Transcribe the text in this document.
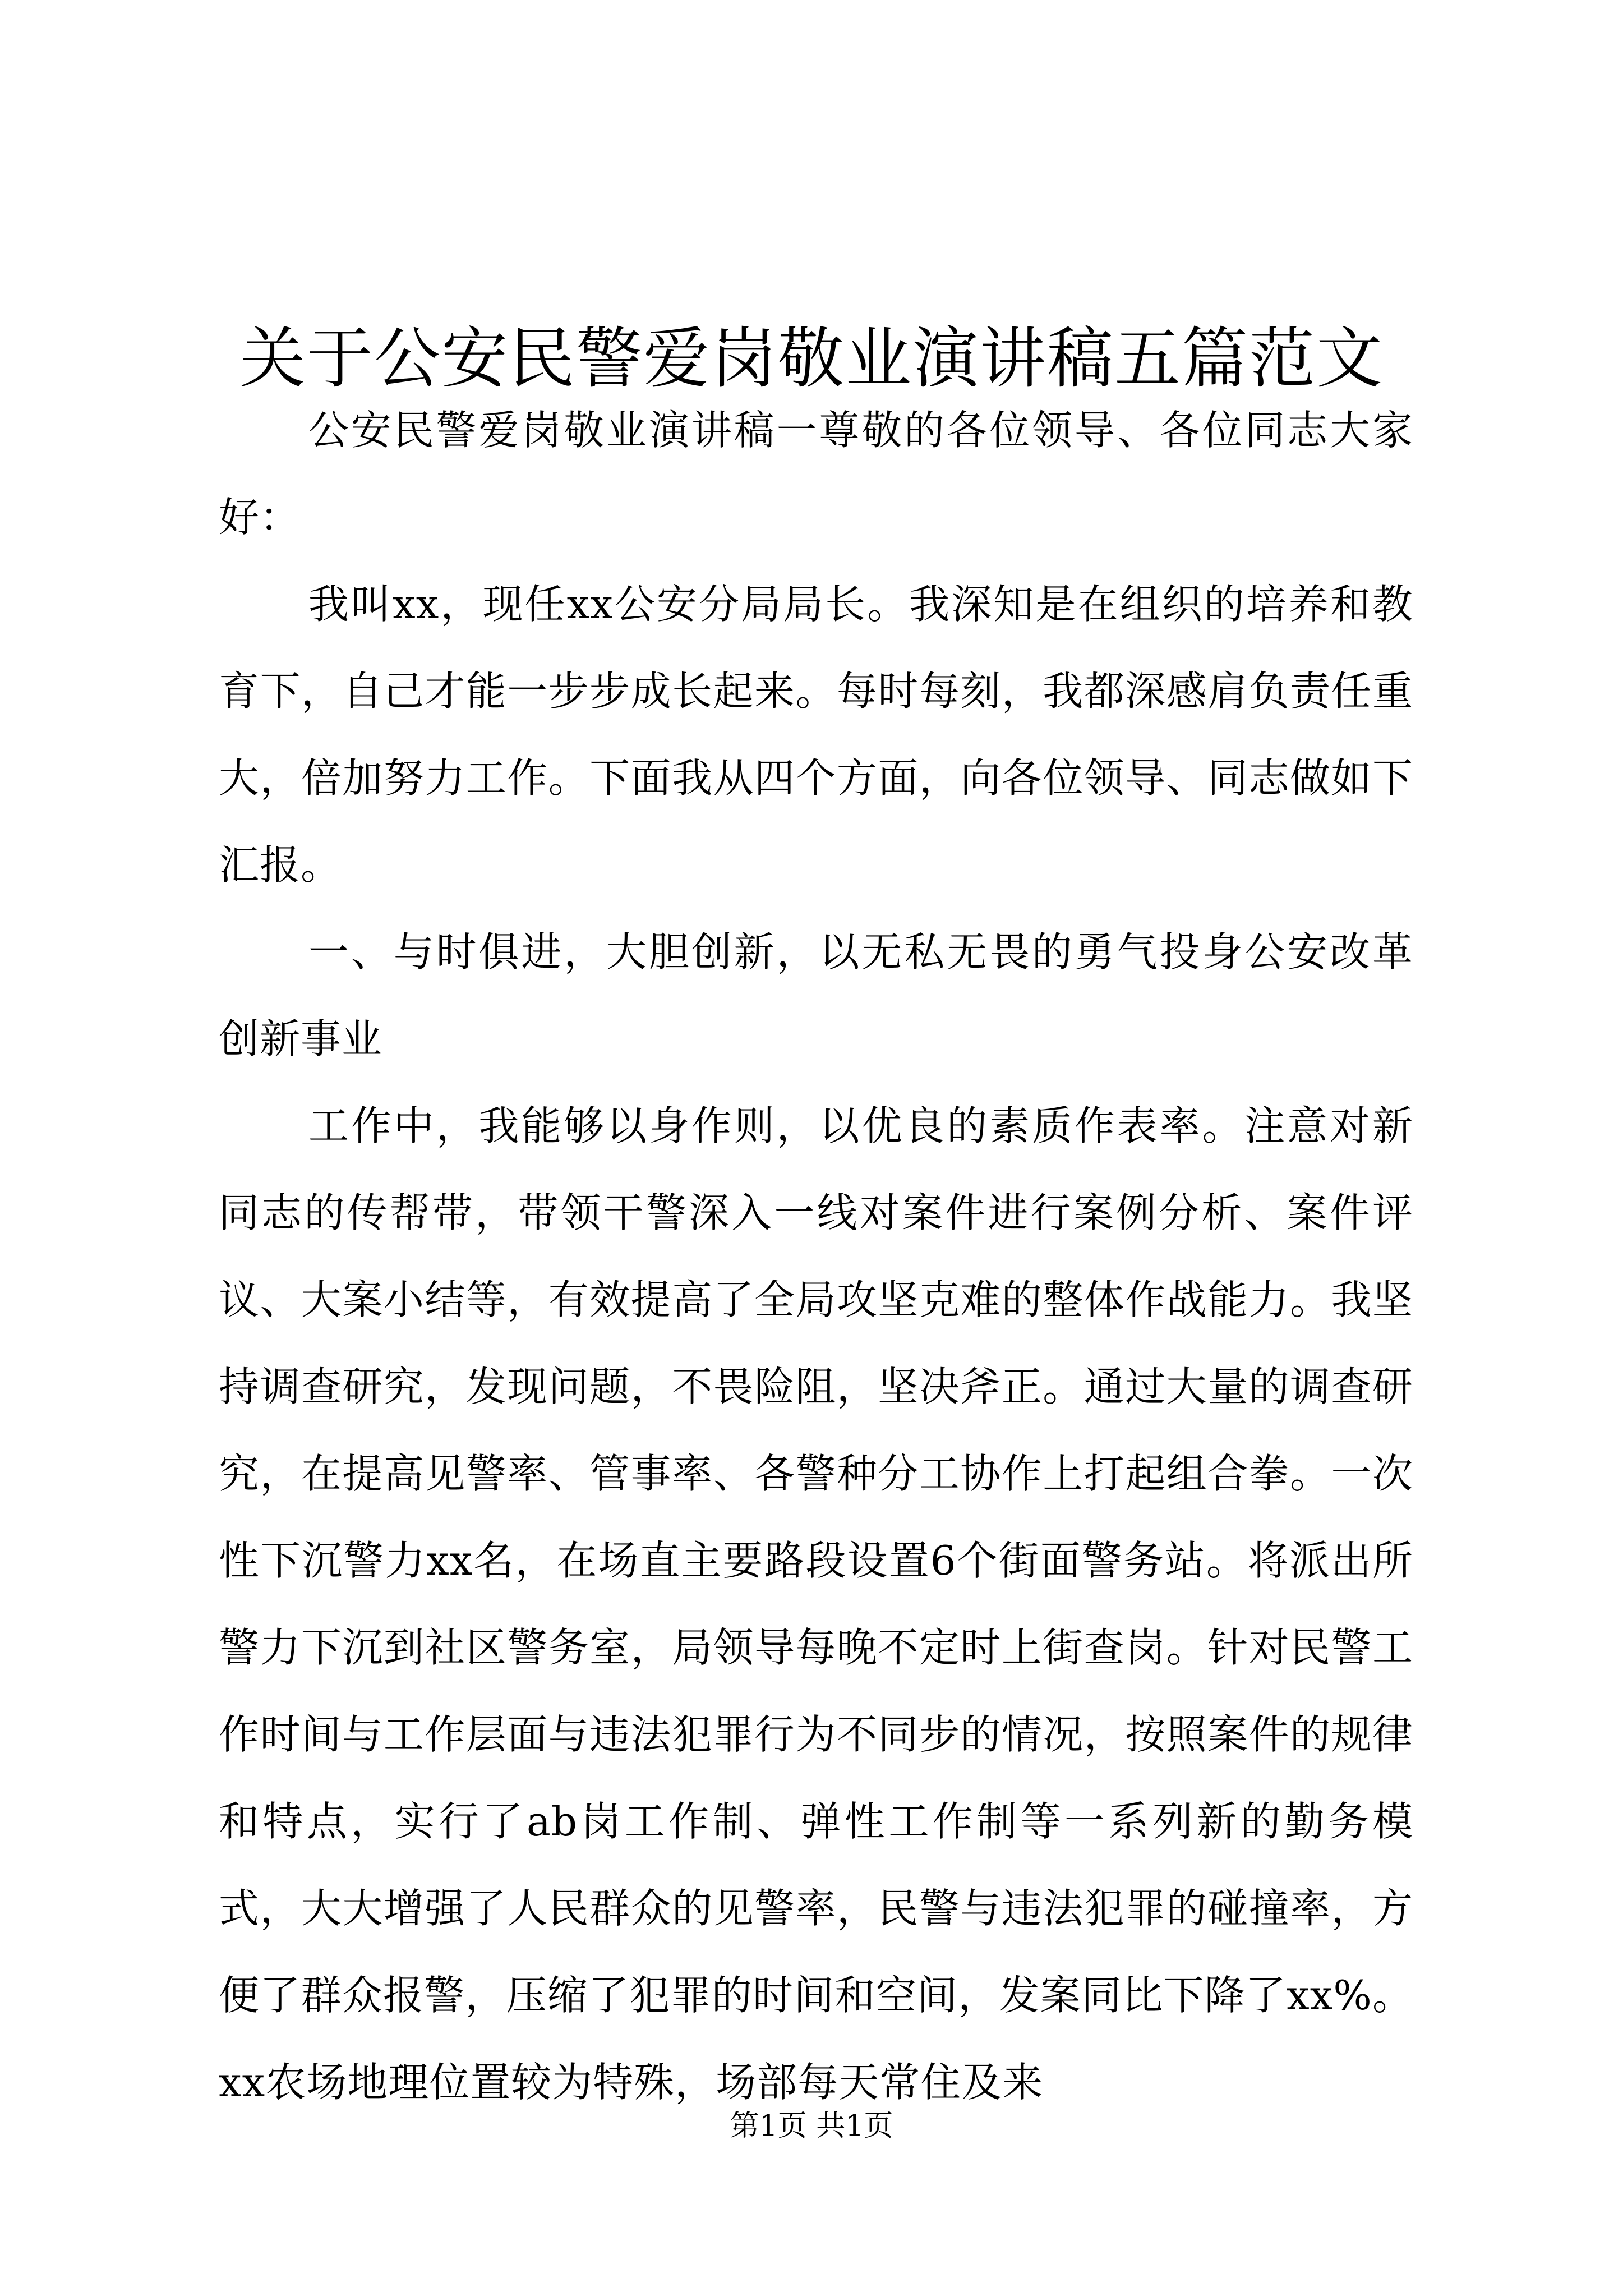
关于公安民警爱岗敬业演讲稿五篇范文

公安民警爱岗敬业演讲稿一尊敬的各位领导、各位同志大家好：

我叫xx，现任xx公安分局局长。我深知是在组织的培养和教育下，自己才能一步步成长起来。每时每刻，我都深感肩负责任重大，倍加努力工作。下面我从四个方面，向各位领导、同志做如下汇报。

一、与时俱进，大胆创新，以无私无畏的勇气投身公安改革创新事业

工作中，我能够以身作则，以优良的素质作表率。注意对新同志的传帮带，带领干警深入一线对案件进行案例分析、案件评议、大案小结等，有效提高了全局攻坚克难的整体作战能力。我坚持调查研究，发现问题，不畏险阻，坚决斧正。通过大量的调查研究，在提高见警率、管事率、各警种分工协作上打起组合拳。一次性下沉警力xx名，在场直主要路段设置6个街面警务站。将派出所警力下沉到社区警务室，局领导每晚不定时上街查岗。针对民警工作时间与工作层面与违法犯罪行为不同步的情况，按照案件的规律和特点，实行了ab岗工作制、弹性工作制等一系列新的勤务模式，大大增强了人民群众的见警率，民警与违法犯罪的碰撞率，方便了群众报警，压缩了犯罪的时间和空间，发案同比下降了xx%。xx农场地理位置较为特殊，场部每天常住及来

第1页 共1页
